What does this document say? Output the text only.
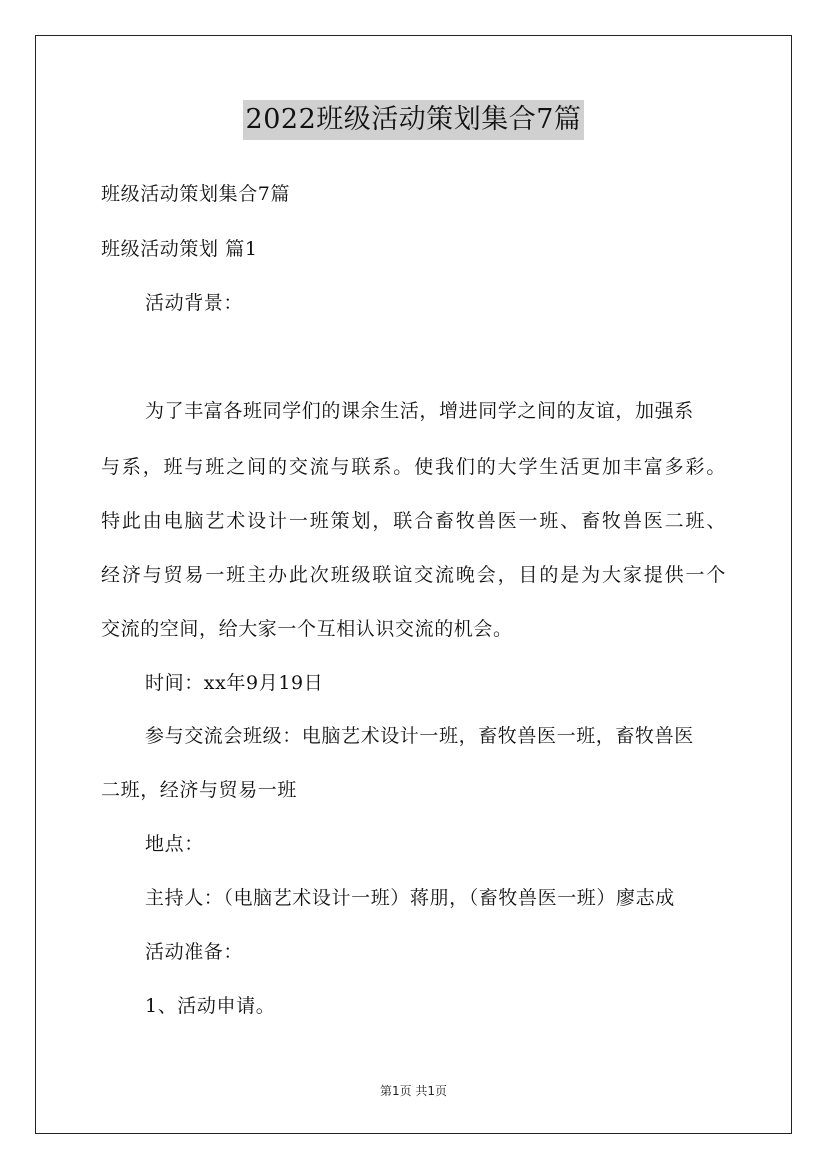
2022班级活动策划集合7篇
班级活动策划集合7篇
班级活动策划 篇1
活动背景：
为了丰富各班同学们的课余生活，增进同学之间的友谊，加强系
与系，班与班之间的交流与联系。使我们的大学生活更加丰富多彩。
特此由电脑艺术设计一班策划，联合畜牧兽医一班、畜牧兽医二班、
经济与贸易一班主办此次班级联谊交流晚会，目的是为大家提供一个
交流的空间，给大家一个互相认识交流的机会。
时间：xx年9月19日
参与交流会班级：电脑艺术设计一班，畜牧兽医一班，畜牧兽医
二班，经济与贸易一班
地点：
主持人：（电脑艺术设计一班）蒋朋，（畜牧兽医一班）廖志成
活动准备：
1、活动申请。
第1页 共1页
